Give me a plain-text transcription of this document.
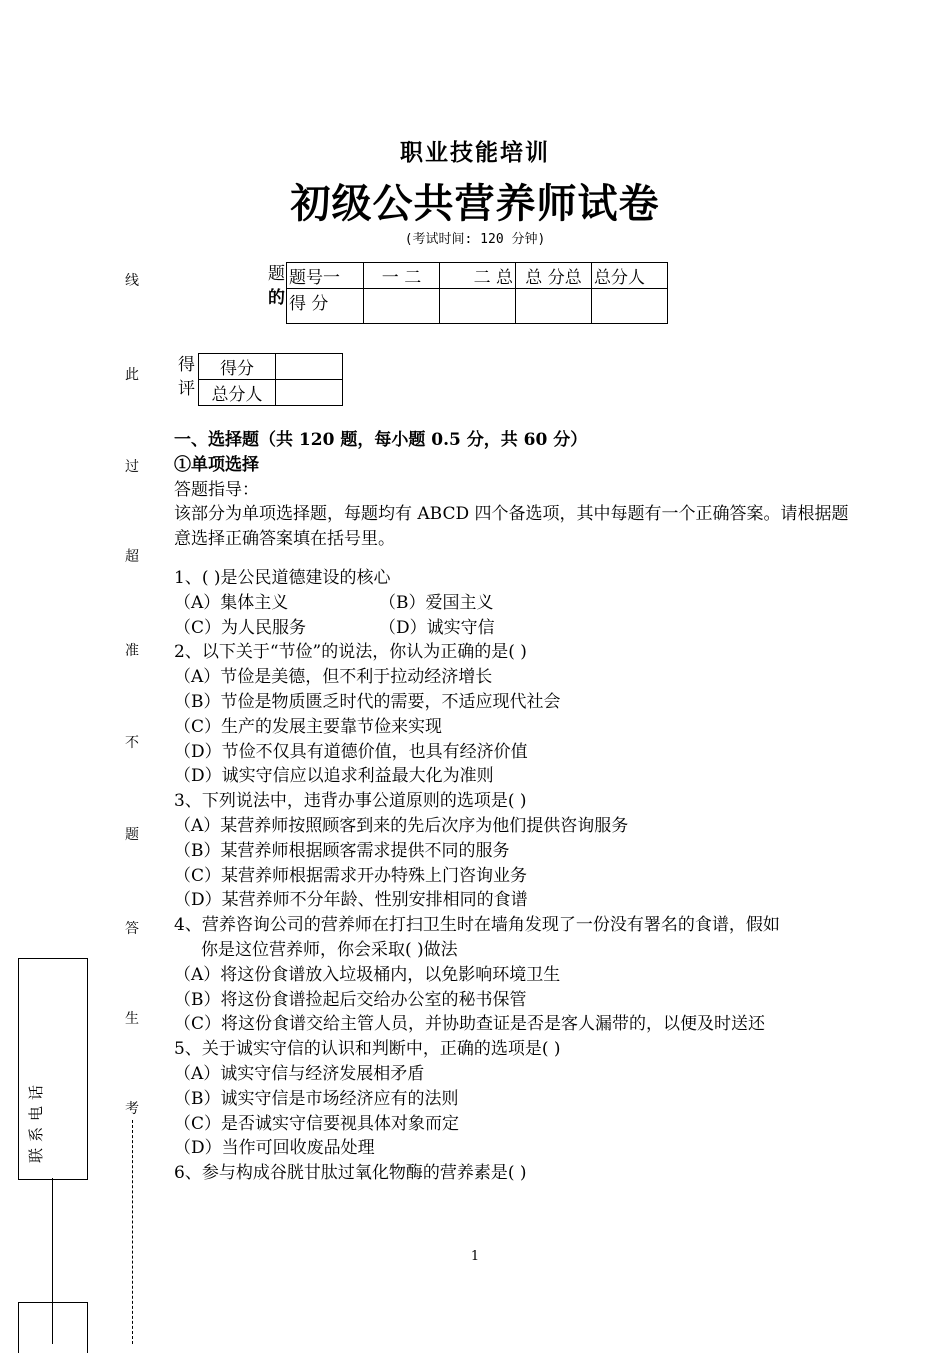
职业技能培训
初级公共营养师试卷
(考试时间: 120 分钟)
题
的
题号一	一 二	二 总	总 分总	总分人
得 分				
得
评
得分	
总分人	
线
此
过
超
准
不
题
答
生
考
联系电话
一、选择题（共 120 题，每小题 0.5 分，共 60 分）
①单项选择
答题指导：
该部分为单项选择题，每题均有 ABCD 四个备选项，其中每题有一个正确答案。请根据题意选择正确答案填在括号里。
1、( )是公民道德建设的核心
（A）集体主义	（B）爱国主义
（C）为人民服务	（D）诚实守信
2、以下关于“节俭”的说法，你认为正确的是( )
（A）节俭是美德，但不利于拉动经济增长
（B）节俭是物质匮乏时代的需要，不适应现代社会
（C）生产的发展主要靠节俭来实现
（D）节俭不仅具有道德价值，也具有经济价值
（D）诚实守信应以追求利益最大化为准则
3、下列说法中，违背办事公道原则的选项是( )
（A）某营养师按照顾客到来的先后次序为他们提供咨询服务
（B）某营养师根据顾客需求提供不同的服务
（C）某营养师根据需求开办特殊上门咨询业务
（D）某营养师不分年龄、性别安排相同的食谱
4、营养咨询公司的营养师在打扫卫生时在墙角发现了一份没有署名的食谱，假如
你是这位营养师，你会采取( )做法
（A）将这份食谱放入垃圾桶内，以免影响环境卫生
（B）将这份食谱捡起后交给办公室的秘书保管
（C）将这份食谱交给主管人员，并协助查证是否是客人漏带的，以便及时送还
5、关于诚实守信的认识和判断中，正确的选项是( )
（A）诚实守信与经济发展相矛盾
（B）诚实守信是市场经济应有的法则
（C）是否诚实守信要视具体对象而定
（D）当作可回收废品处理
6、参与构成谷胱甘肽过氧化物酶的营养素是( )
1
